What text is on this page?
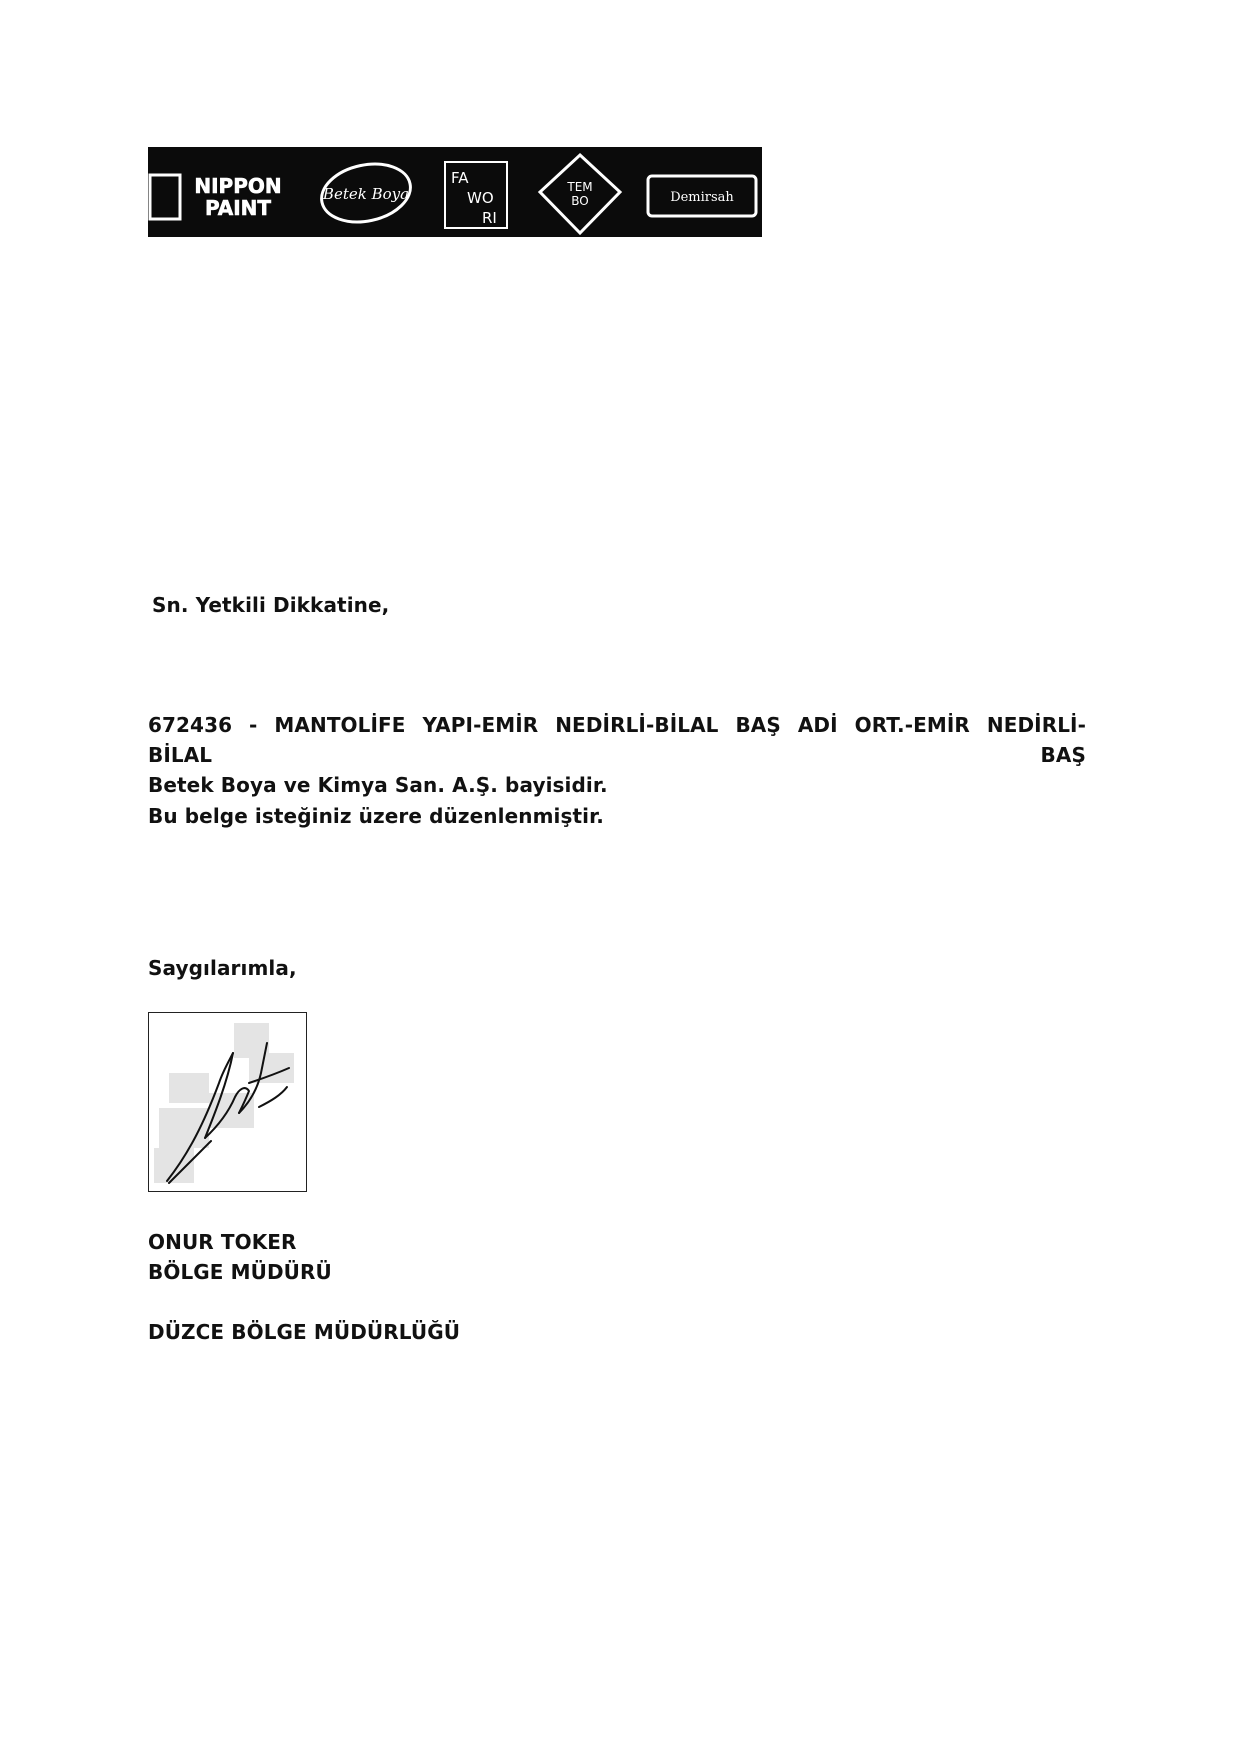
NIPPON
PAINT
Betek Boya
FA
WO
RI
TEM
BO	Demirsah
Sn. Yetkili Dikkatine,
672436 - MANTOLİFE YAPI-EMİR NEDİRLİ-BİLAL BAŞ ADİ ORT.-EMİR NEDİRLİ-BİLAL BAŞ
Betek Boya ve Kimya San. A.Ş. bayisidir.
Bu belge isteğiniz üzere düzenlenmiştir.
Saygılarımla,
ONUR TOKER
BÖLGE MÜDÜRÜ
DÜZCE BÖLGE MÜDÜRLÜĞÜ
